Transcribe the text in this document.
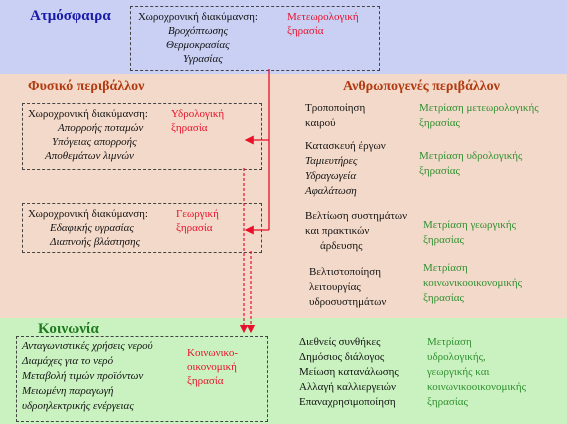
Ατμόσφαιρα Χωροχρονική διακύμανση:
Βροχόπτωσης
Θερμοκρασίας
Υγρασίας
Μετεωρολογική
ξηρασία
Φυσικό περιβάλλον
Χωροχρονική διακύμανση:
Απορροής ποταμών
Υπόγειας απορροής
Αποθεμάτων λιμνών
Υδρολογική
ξηρασία
Χωροχρονική διακύμανση:
Εδαφικής υγρασίας
Διαπνοής βλάστησης
Γεωργική
ξηρασία
Ανθρωπογενές περιβάλλον
Τροποποίηση
καιρού
Μετρίαση μετεωρολογικής
ξηρασίας
Κατασκευή έργων
Ταμιευτήρες
Υδραγωγεία
Αφαλάτωση
Μετρίαση υδρολογικής
ξηρασίας
Βελτίωση συστημάτων
και πρακτικών
άρδευσης
Μετρίαση γεωργικής
ξηρασίας
Βελτιστοποίηση
λειτουργίας
υδροσυστημάτων
Μετρίαση
κοινωνικοοικονομικής
ξηρασίας
Κοινωνία
Ανταγωνιστικές χρήσεις νερού
Διαμάχες για το νερό
Μεταβολή τιμών προϊόντων
Μειωμένη παραγωγή
υδροηλεκτρικής ενέργειας
Κοινωνικο-
οικονομική
ξηρασία
Διεθνείς συνθήκες
Δημόσιος διάλογος
Μείωση κατανάλωσης
Αλλαγή καλλιεργειών
Επαναχρησιμοποίηση
Μετρίαση
υδρολογικής,
γεωργικής και
κοινωνικοοικονομικής
ξηρασίας
